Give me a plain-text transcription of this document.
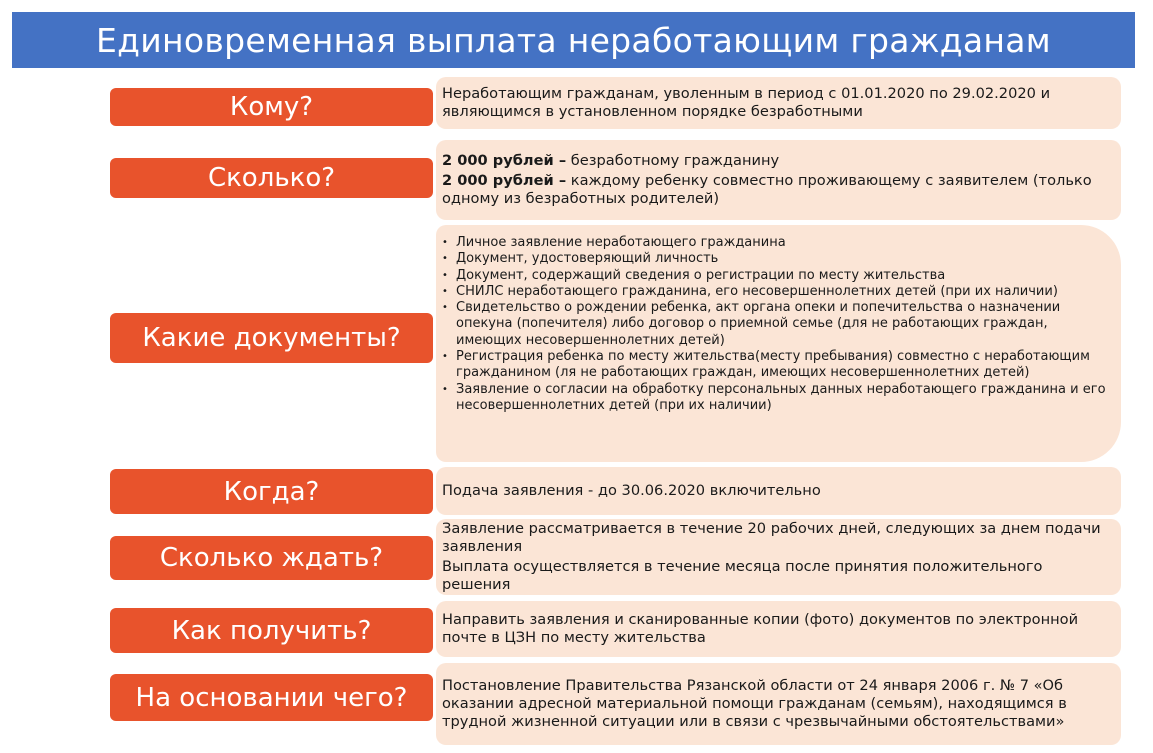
Единовременная выплата неработающим гражданам
Кому?	Неработающим гражданам, уволенным в период с 01.01.2020 по 29.02.2020 и являющимся в установленном порядке безработными

Сколько?

2 000 рублей – безработному гражданину

2 000 рублей – каждому ребенку совместно проживающему с заявителем (только одному из безработных родителей)

Какие документы?
• Личное заявление неработающего гражданина
• Документ, удостоверяющий личность
• Документ, содержащий сведения о регистрации по месту жительства
• СНИЛС неработающего гражданина, его несовершеннолетних детей (при их наличии)
• Свидетельство о рождении ребенка, акт органа опеки и попечительства о назначении опекуна (попечителя) либо договор о приемной семье (для не работающих граждан, имеющих несовершеннолетних детей)
• Регистрация ребенка по месту жительства(месту пребывания) совместно с неработающим гражданином (ля не работающих граждан, имеющих несовершеннолетних детей)
• Заявление о согласии на обработку персональных данных неработающего гражданина и его несовершеннолетних детей (при их наличии)
Когда?	Подача заявления - до 30.06.2020 включительно

Сколько ждать?

Заявление рассматривается в течение 20 рабочих дней, следующих за днем подачи заявления

Выплата осуществляется в течение месяца после принятия положительного решения

Как получить?	Направить заявления и сканированные копии (фото) документов по электронной почте в ЦЗН по месту жительства

На основании чего? Постановление Правительства Рязанской области от 24 января 2006 г. № 7 «Об оказании адресной материальной помощи гражданам (семьям), находящимся в трудной жизненной ситуации или в связи с чрезвычайными обстоятельствами»
